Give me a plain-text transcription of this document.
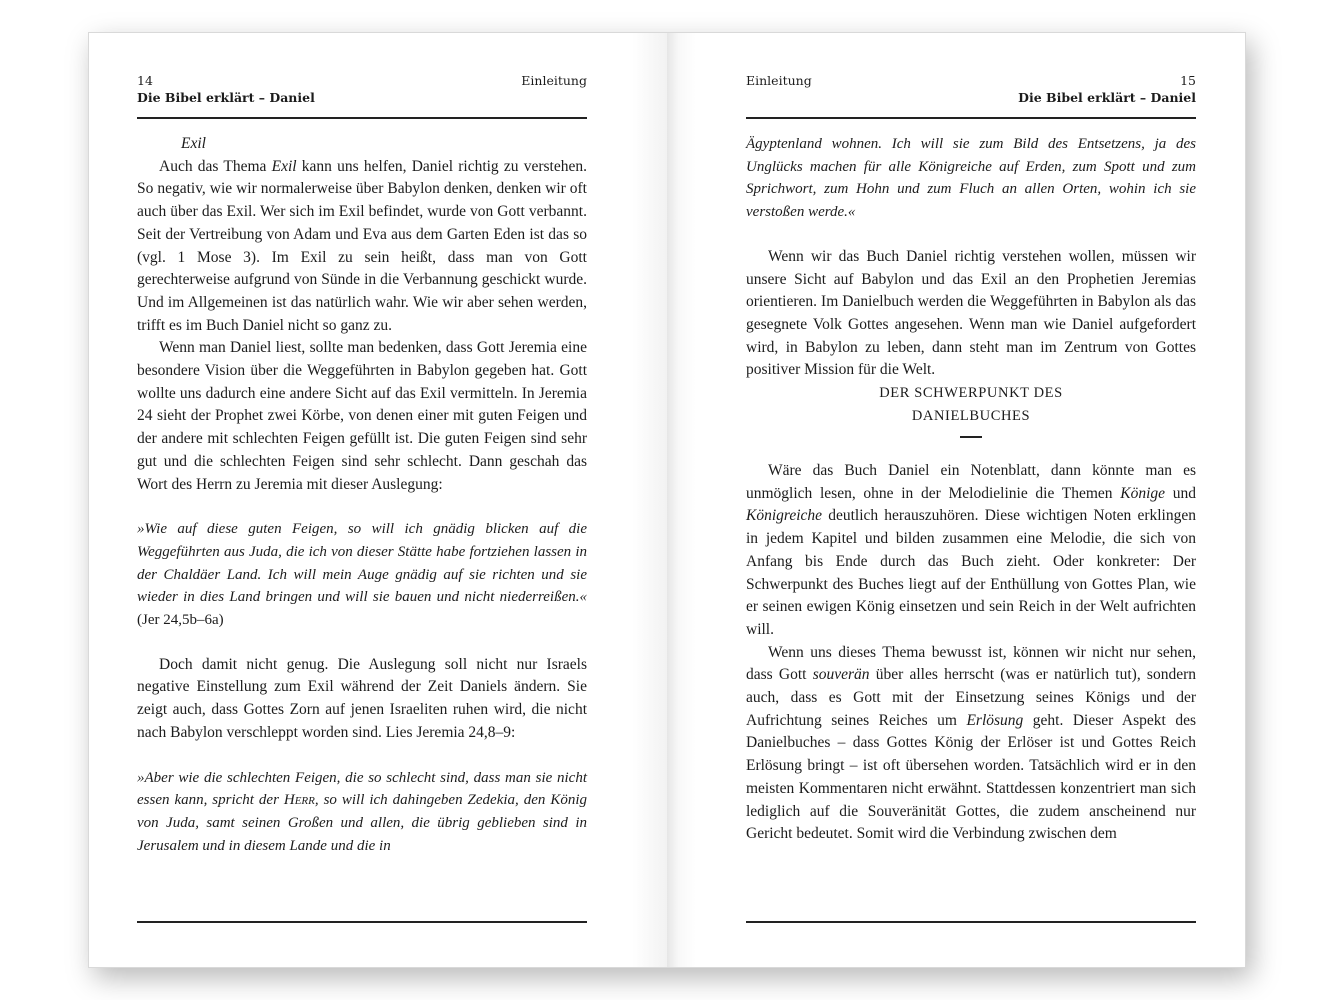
14	Einleitung
Die Bibel erklärt – Daniel

Exil

Auch das Thema Exil kann uns helfen, Daniel richtig zu verstehen. So negativ, wie wir normalerweise über Babylon denken, denken wir oft auch über das Exil. Wer sich im Exil befindet, wurde von Gott verbannt. Seit der Vertreibung von Adam und Eva aus dem Garten Eden ist das so (vgl. 1 Mose 3). Im Exil zu sein heißt, dass man von Gott gerechterweise aufgrund von Sünde in die Verbannung geschickt wurde. Und im Allgemeinen ist das natürlich wahr. Wie wir aber sehen werden, trifft es im Buch Daniel nicht so ganz zu.

Wenn man Daniel liest, sollte man bedenken, dass Gott Jeremia eine besondere Vision über die Weggeführten in Babylon gegeben hat. Gott wollte uns dadurch eine andere Sicht auf das Exil vermitteln. In Jeremia 24 sieht der Prophet zwei Körbe, von denen einer mit guten Feigen und der andere mit schlechten Feigen gefüllt ist. Die guten Feigen sind sehr gut und die schlechten Feigen sind sehr schlecht. Dann geschah das Wort des Herrn zu Jeremia mit dieser Auslegung:

»Wie auf diese guten Feigen, so will ich gnädig blicken auf die Weggeführten aus Juda, die ich von dieser Stätte habe fortziehen lassen in der Chaldäer Land. Ich will mein Auge gnädig auf sie richten und sie wieder in dies Land bringen und will sie bauen und nicht niederreißen.« (Jer 24,5b–6a)

Doch damit nicht genug. Die Auslegung soll nicht nur Israels negative Einstellung zum Exil während der Zeit Daniels ändern. Sie zeigt auch, dass Gottes Zorn auf jenen Israeliten ruhen wird, die nicht nach Babylon verschleppt worden sind. Lies Jeremia 24,8–9:

»Aber wie die schlechten Feigen, die so schlecht sind, dass man sie nicht essen kann, spricht der Herr, so will ich dahingeben Zedekia, den König von Juda, samt seinen Großen und allen, die übrig geblieben sind in Jerusalem und in diesem Lande und die in

Einleitung	15
Die Bibel erklärt – Daniel

Ägyptenland wohnen. Ich will sie zum Bild des Entsetzens, ja des Unglücks machen für alle Königreiche auf Erden, zum Spott und zum Sprichwort, zum Hohn und zum Fluch an allen Orten, wohin ich sie verstoßen werde.«

Wenn wir das Buch Daniel richtig verstehen wollen, müssen wir unsere Sicht auf Babylon und das Exil an den Prophetien Jeremias orientieren. Im Danielbuch werden die Weggeführten in Babylon als das gesegnete Volk Gottes angesehen. Wenn man wie Daniel aufgefordert wird, in Babylon zu leben, dann steht man im Zentrum von Gottes positiver Mission für die Welt.

DER SCHWERPUNKT DES
DANIELBUCHES

Wäre das Buch Daniel ein Notenblatt, dann könnte man es unmöglich lesen, ohne in der Melodielinie die Themen Könige und Königreiche deutlich herauszuhören. Diese wichtigen Noten erklingen in jedem Kapitel und bilden zusammen eine Melodie, die sich von Anfang bis Ende durch das Buch zieht. Oder konkreter: Der Schwerpunkt des Buches liegt auf der Enthüllung von Gottes Plan, wie er seinen ewigen König einsetzen und sein Reich in der Welt aufrichten will.

Wenn uns dieses Thema bewusst ist, können wir nicht nur sehen, dass Gott souverän über alles herrscht (was er natürlich tut), sondern auch, dass es Gott mit der Einsetzung seines Königs und der Aufrichtung seines Reiches um Erlösung geht. Dieser Aspekt des Danielbuches – dass Gottes König der Erlöser ist und Gottes Reich Erlösung bringt – ist oft übersehen worden. Tatsächlich wird er in den meisten Kommentaren nicht erwähnt. Stattdessen konzentriert man sich lediglich auf die Souveränität Gottes, die zudem anscheinend nur Gericht bedeutet. Somit wird die Verbindung zwischen dem
